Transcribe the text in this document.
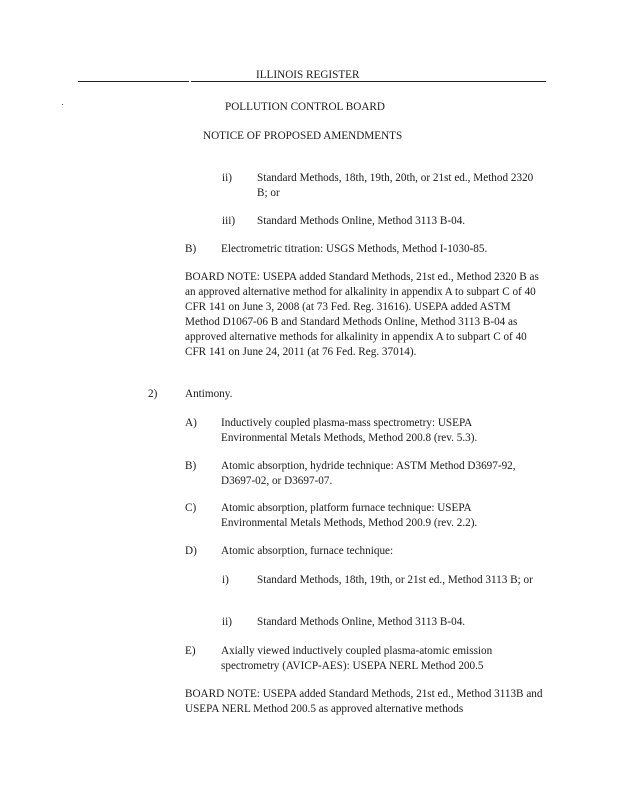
ILLINOIS REGISTER
POLLUTION CONTROL BOARD
NOTICE OF PROPOSED AMENDMENTS
ii) Standard Methods, 18th, 19th, 20th, or 21st ed., Method 2320 B; or
iii) Standard Methods Online, Method 3113 B-04.
B) Electrometric titration: USGS Methods, Method I-1030-85.
BOARD NOTE: USEPA added Standard Methods, 21st ed., Method 2320 B as an approved alternative method for alkalinity in appendix A to subpart C of 40 CFR 141 on June 3, 2008 (at 73 Fed. Reg. 31616). USEPA added ASTM Method D1067-06 B and Standard Methods Online, Method 3113 B-04 as approved alternative methods for alkalinity in appendix A to subpart C of 40 CFR 141 on June 24, 2011 (at 76 Fed. Reg. 37014).
2) Antimony.
A) Inductively coupled plasma-mass spectrometry: USEPA Environmental Metals Methods, Method 200.8 (rev. 5.3).
B) Atomic absorption, hydride technique: ASTM Method D3697-92, D3697-02, or D3697-07.
C) Atomic absorption, platform furnace technique: USEPA Environmental Metals Methods, Method 200.9 (rev. 2.2).
D) Atomic absorption, furnace technique:
i)	Standard Methods, 18th, 19th, or 21st ed., Method 3113 B; or
ii) Standard Methods Online, Method 3113 B-04.
E) Axially viewed inductively coupled plasma-atomic emission spectrometry (AVICP-AES): USEPA NERL Method 200.5
BOARD NOTE: USEPA added Standard Methods, 21st ed., Method 3113B and USEPA NERL Method 200.5 as approved alternative methods
